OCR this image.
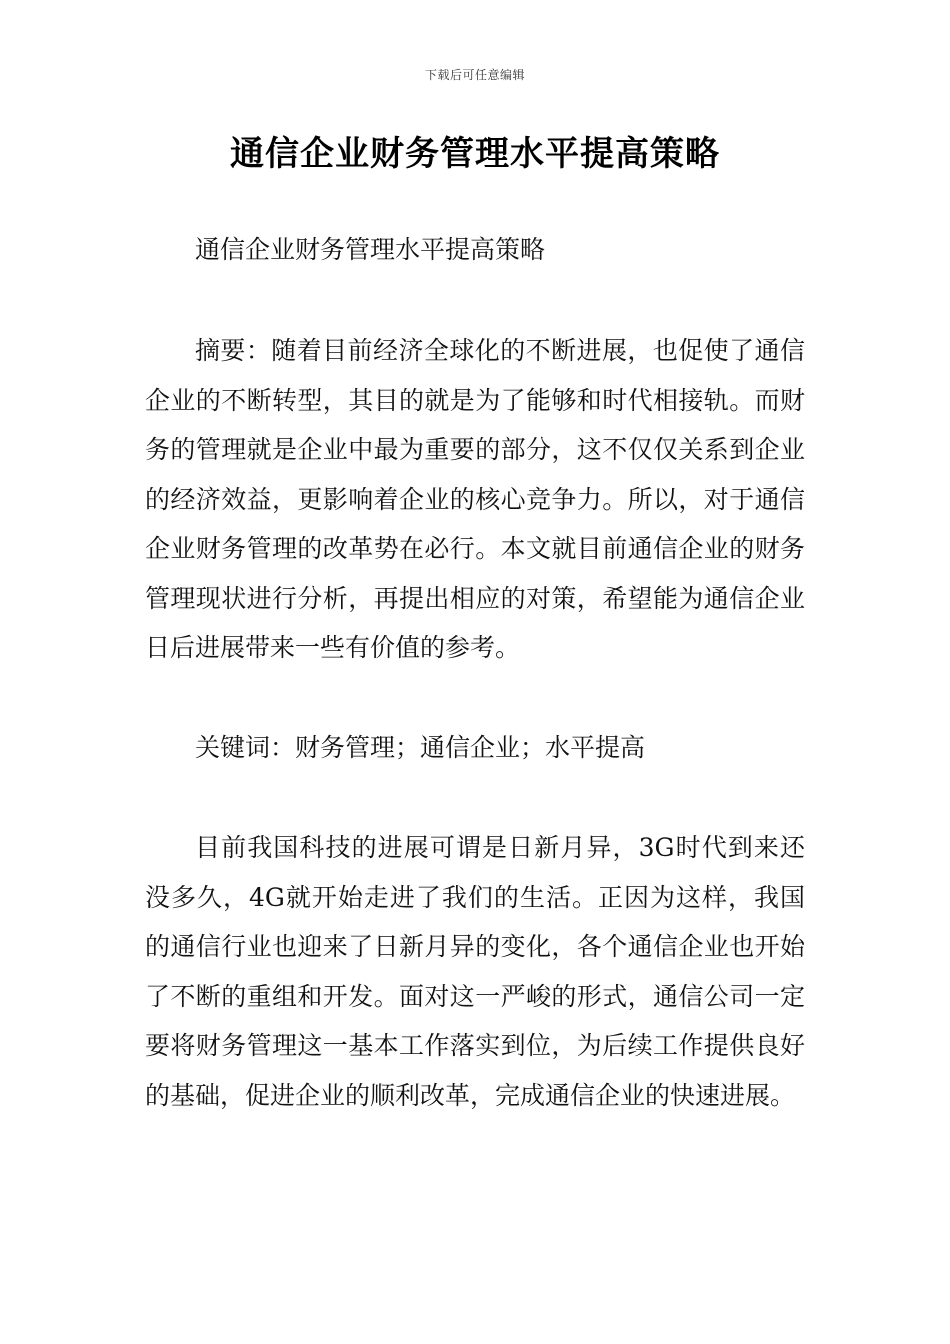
下载后可任意编辑
通信企业财务管理水平提高策略

通信企业财务管理水平提高策略

摘要：随着目前经济全球化的不断进展，也促使了通信企业的不断转型，其目的就是为了能够和时代相接轨。而财务的管理就是企业中最为重要的部分，这不仅仅关系到企业的经济效益，更影响着企业的核心竞争力。所以，对于通信企业财务管理的改革势在必行。本文就目前通信企业的财务管理现状进行分析，再提出相应的对策，希望能为通信企业日后进展带来一些有价值的参考。

关键词：财务管理；通信企业；水平提高

目前我国科技的进展可谓是日新月异，3G时代到来还没多久，4G就开始走进了我们的生活。正因为这样，我国的通信行业也迎来了日新月异的变化，各个通信企业也开始了不断的重组和开发。面对这一严峻的形式，通信公司一定要将财务管理这一基本工作落实到位，为后续工作提供良好的基础，促进企业的顺利改革，完成通信企业的快速进展。
